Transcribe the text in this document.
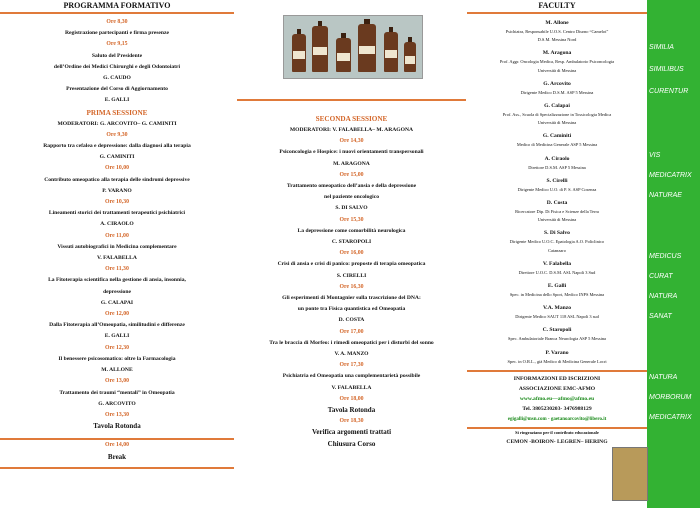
PROGRAMMA FORMATIVO
Ore 8,30
Registrazione partecipanti e firma presenze
Ore 9,15
Saluto del Presidente
dell’Ordine dei Medici Chirurghi e degli Odontoiatri
G. CAUDO
Presentazione del Corso di Aggiornamento
E. GALLI
PRIMA SESSIONE
MODERATORI: G. ARCOVITO– G. CAMINITI
Ore 9,30
Rapporto tra cefalea e depressione: dalla diagnosi alla terapia
G. CAMINITI
Ore 10,00
Contributo omeopatico alla terapia delle sindromi depressive
P. VARANO
Ore 10,30
Lineamenti storici dei trattamenti terapeutici psichiatrici
A. CIRAOLO
Ore 11,00
Vissuti autobiografici in Medicina complementare
V. FALABELLA
Ore 11,30
La Fitoterapia scientifica nella gestione di ansia, insonnia,
depressione
G. CALAPAI
Ore 12,00
Dalla Fitoterapia all’Omeopatia, similitudini e differenze
E. GALLI
Ore 12,30
Il benessere psicosomatico: oltre la Farmacologia
M. ALLONE
Ore 13,00
Trattamento dei traumi “mentali” in Omeopatia
G. ARCOVITO
Ore 13,30
Tavola Rotonda
Ore 14,00
Break
SECONDA SESSIONE
MODERATORI: V. FALABELLA– M. ARAGONA
Ore 14,30
Psiconcologia e Hospice: i nuovi orientamenti transpersonali
M. ARAGONA
Ore 15,00
Trattamento omeopatico dell’ansia e della depressione
nel paziente oncologico
S. DI SALVO
Ore 15,30
La depressione come comorbilità neurologica
C. STAROPOLI
Ore 16,00
Crisi di ansia e crisi di panico: proposte di terapia omeopatica
S. CIRELLI
Ore 16,30
Gli esperimenti di Montagnier sulla trascrizione del DNA:
un ponte tra Fisica quantistica ed Omeopatia
D. COSTA
Ore 17,00
Tra le braccia di Morfeo: i rimedi omeopatici per i disturbi del sonno
V. A. MANZO
Ore 17,30
Psichiatria ed Omeopatia una complementarietà possibile
V. FALABELLA
Ore 18,00
Tavola Rotonda
Ore 18,30
Verifica argomenti trattati
Chiusura Corso
FACULTY
M. Allone
Psichiatra, Responsabile U.O.S. Centro Diurno “Camelot”
D.S.M. Messina Nord
M. Aragona
Prof. Aggr. Oncologia Medica, Resp. Ambulatorio Psiconcologia
Università di Messina
G. Arcovito
Dirigente Medico D.S.M. ASP 5 Messina
G. Calapai
Prof. Ass., Scuola di Specializzazione in Tossicologia Medica
Università di Messina
G. Caminiti
Medico di Medicina Generale ASP 5 Messina
A. Ciraolo
Direttore D.S.M. ASP 5 Messina
S. Cirelli
Dirigente Medico U.O. di P. S. ASP Cosenza
D. Costa
Ricercatore Dip. Di Fisica e Scienze della Terra
Università di Messina
S. Di Salvo
Dirigente Medico U.O.C. Epatologia A.O. Policlinico
Catanzaro
V. Falabella
Direttore U.O.C. D.S.M. ASL Napoli 3 Sud
E. Galli
Spec. in Medicina dello Sport, Medico INPS Messina
V.A. Manzo
Dirigente Medico SAUT 118 ASL Napoli 3 sud
C. Staropoli
Spec. Ambulatoriale Branca Neurologia ASP 5 Messina
P. Varano
Spec. in O.R.L., già Medico di Medicina Generale Locri
INFORMAZIONI ED ISCRIZIONI
ASSOCIAZIONE EMC-AFMO
www.afmo.eu—afmo@afmo.eu
Tel. 3805230203- 3476988129
egigalli@msn.com - gaetanoarcovito@libero.it
Si ringraziano per il contributo educazionale
CEMON -BOIRON- LEGREN– HERING
SIMILIA
SIMILIBUS
CURENTUR
VIS
MEDICATRIX
NATURAE
MEDICUS
CURAT
NATURA
SANAT
NATURA
MORBORUM
MEDICATRIX
